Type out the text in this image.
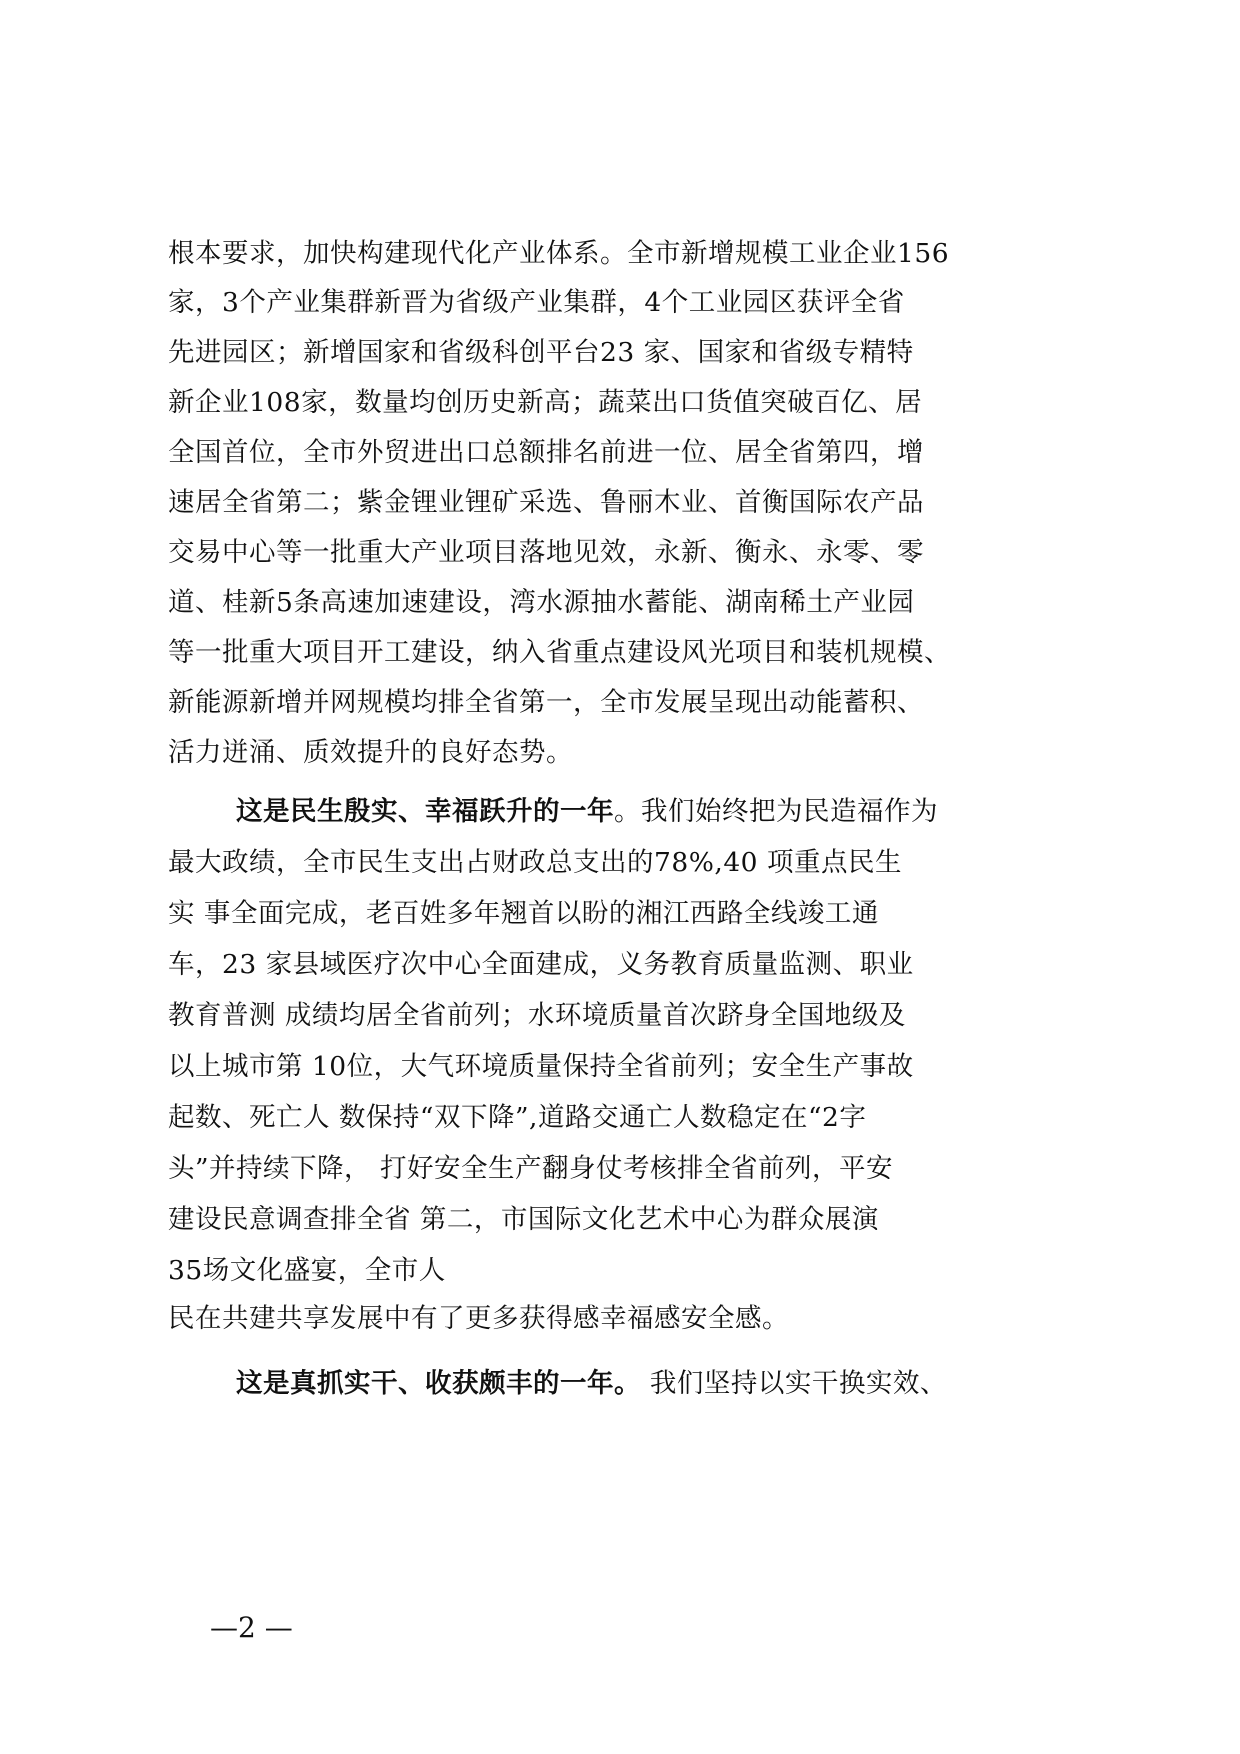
根本要求，加快构建现代化产业体系。全市新增规模工业企业156
家，3个产业集群新晋为省级产业集群，4个工业园区获评全省
先进园区；新增国家和省级科创平台23 家、国家和省级专精特
新企业108家，数量均创历史新高；蔬菜出口货值突破百亿、居
全国首位，全市外贸进出口总额排名前进一位、居全省第四，增
速居全省第二；紫金锂业锂矿采选、鲁丽木业、首衡国际农产品
交易中心等一批重大产业项目落地见效，永新、衡永、永零、零
道、桂新5条高速加速建设，湾水源抽水蓄能、湖南稀土产业园
等一批重大项目开工建设，纳入省重点建设风光项目和装机规模、
新能源新增并网规模均排全省第一，全市发展呈现出动能蓄积、
活力迸涌、质效提升的良好态势。
这是民生殷实、幸福跃升的一年。我们始终把为民造福作为
最大政绩，全市民生支出占财政总支出的78%,40 项重点民生
实 事全面完成，老百姓多年翘首以盼的湘江西路全线竣工通
车，23 家县域医疗次中心全面建成，义务教育质量监测、职业
教育普测 成绩均居全省前列；水环境质量首次跻身全国地级及
以上城市第 10位，大气环境质量保持全省前列；安全生产事故
起数、死亡人 数保持“双下降”,道路交通亡人数稳定在“2字
头”并持续下降， 打好安全生产翻身仗考核排全省前列，平安
建设民意调查排全省 第二，市国际文化艺术中心为群众展演
35场文化盛宴，全市人
民在共建共享发展中有了更多获得感幸福感安全感。
这是真抓实干、收获颇丰的一年。 我们坚持以实干换实效、
—2 —
